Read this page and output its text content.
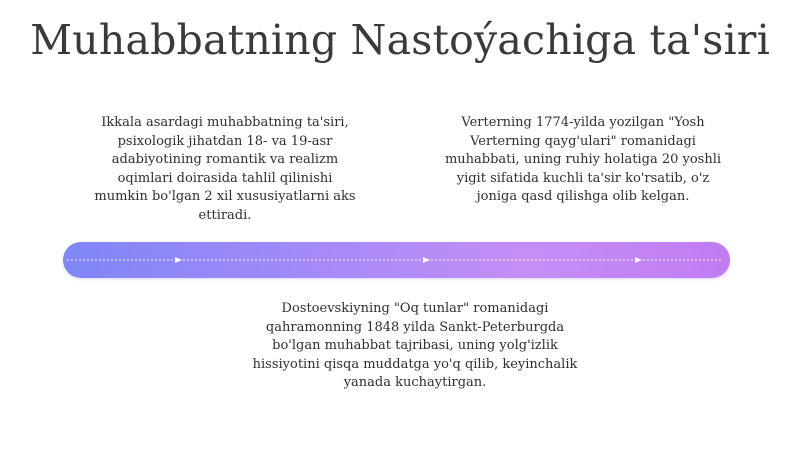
Muhabbatning Nastoýachiga ta'siri
Ikkala asardagi muhabbatning ta'siri,
psixologik jihatdan 18- va 19-asr
adabiyotining romantik va realizm
oqimlari doirasida tahlil qilinishi
mumkin bo'lgan 2 xil xususiyatlarni aks
ettiradi.
Verterning 1774-yilda yozilgan "Yosh
Verterning qayg'ulari" romanidagi
muhabbati, uning ruhiy holatiga 20 yoshli
yigit sifatida kuchli ta'sir ko'rsatib, o'z
joniga qasd qilishga olib kelgan.
Dostoevskiyning "Oq tunlar" romanidagi
qahramonning 1848 yilda Sankt-Peterburgda
bo'lgan muhabbat tajribasi, uning yolg'izlik
hissiyotini qisqa muddatga yo'q qilib, keyinchalik
yanada kuchaytirgan.
